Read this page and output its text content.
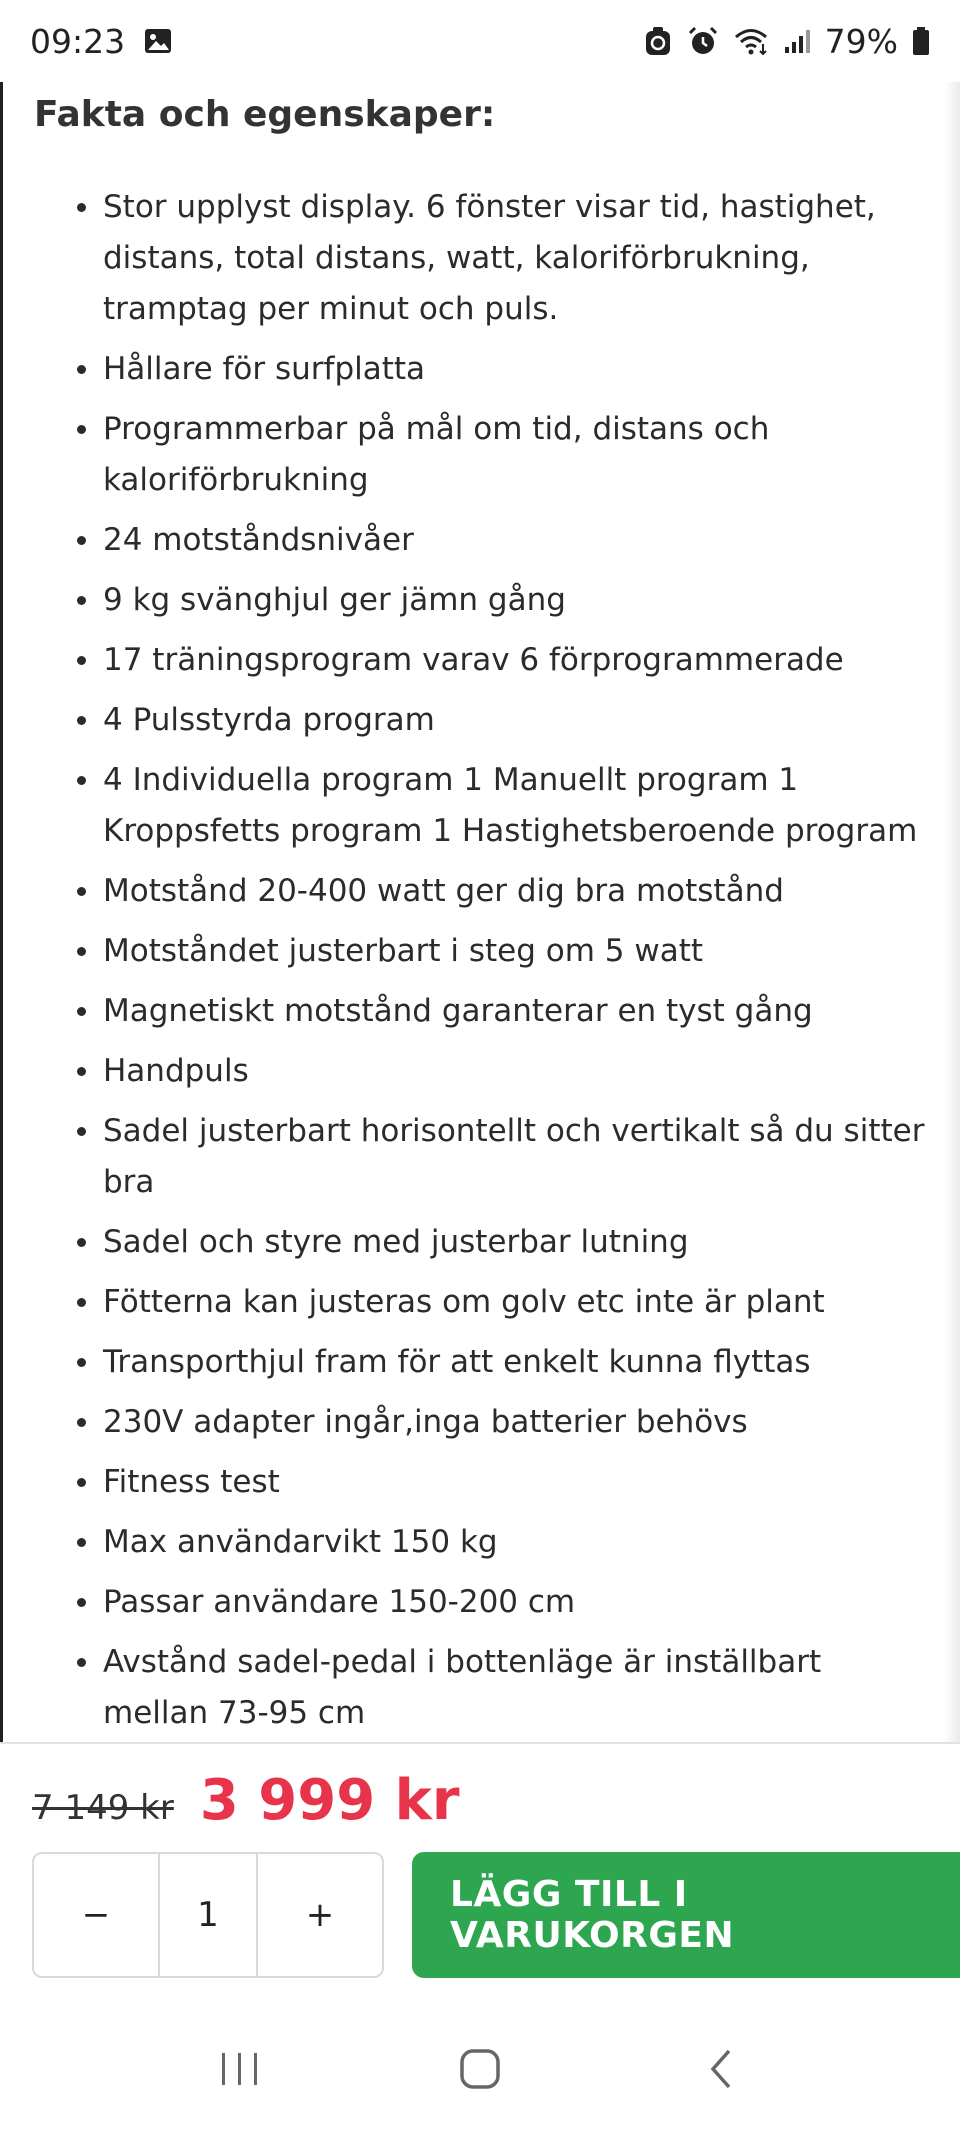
09:23	79%
Fakta och egenskaper:
Stor upplyst display. 6 fönster visar tid, hastighet, distans, total distans, watt, kaloriförbrukning, tramptag per minut och puls.
Hållare för surfplatta
Programmerbar på mål om tid, distans och kaloriförbrukning
24 motståndsnivåer
9 kg svänghjul ger jämn gång
17 träningsprogram varav 6 förprogrammerade
4 Pulsstyrda program
4 Individuella program 1 Manuellt program 1 Kroppsfetts program 1 Hastighetsberoende program
Motstånd 20-400 watt ger dig bra motstånd
Motståndet justerbart i steg om 5 watt
Magnetiskt motstånd garanterar en tyst gång
Handpuls
Sadel justerbart horisontellt och vertikalt så du sitter bra
Sadel och styre med justerbar lutning
Fötterna kan justeras om golv etc inte är plant
Transporthjul fram för att enkelt kunna flyttas
230V adapter ingår,inga batterier behövs
Fitness test
Max användarvikt 150 kg
Passar användare 150-200 cm
Avstånd sadel-pedal i bottenläge är inställbart mellan 73-95 cm
7 149 kr 3 999 kr
−	1	+	LÄGG TILL I VARUKORGEN
